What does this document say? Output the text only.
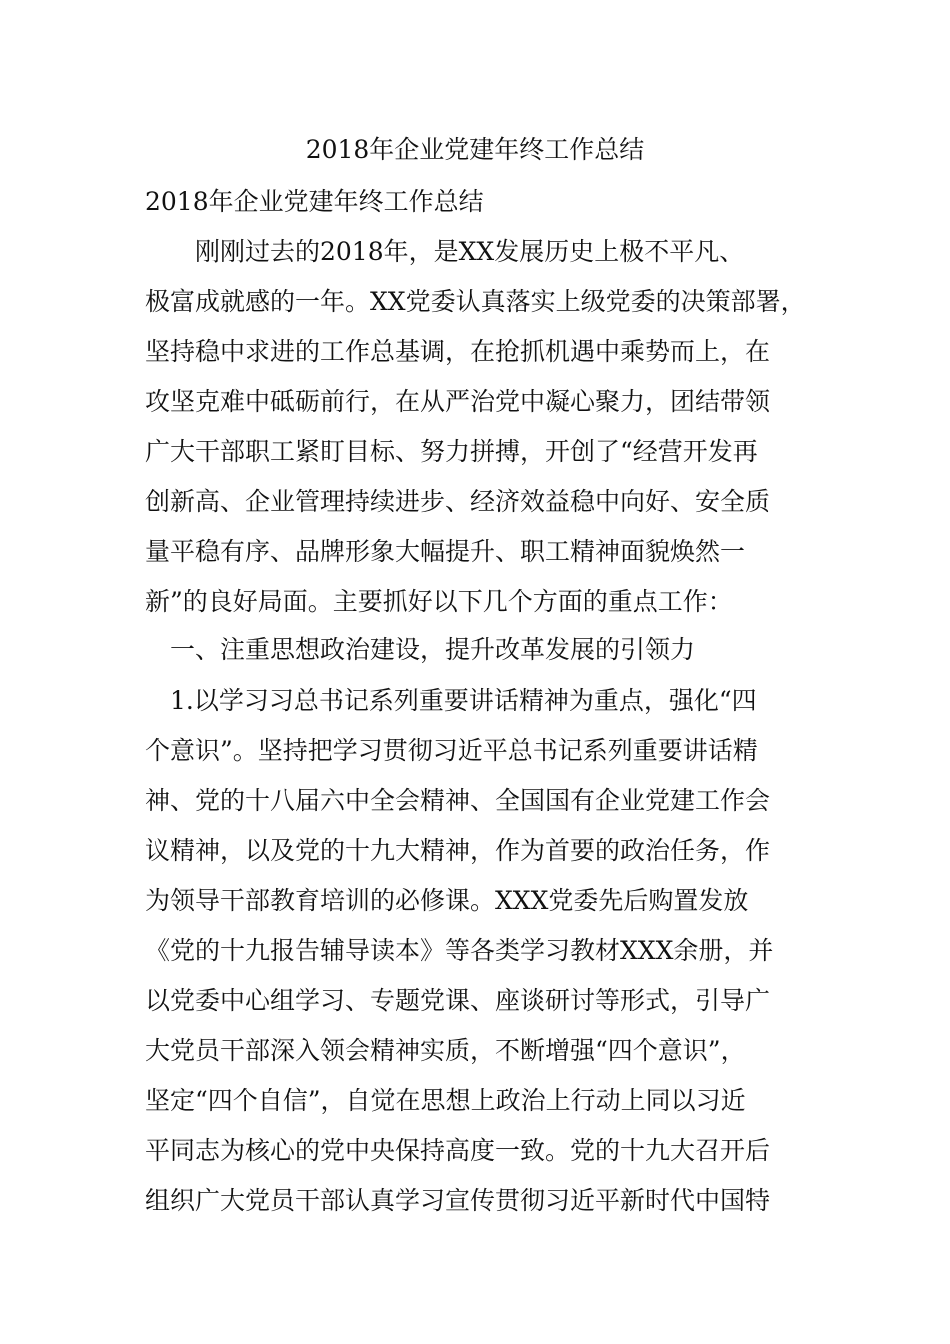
2018年企业党建年终工作总结
2018年企业党建年终工作总结
　　刚刚过去的2018年，是XX发展历史上极不平凡、
极富成就感的一年。XX党委认真落实上级党委的决策部署，
坚持稳中求进的工作总基调，在抢抓机遇中乘势而上，在
攻坚克难中砥砺前行，在从严治党中凝心聚力，团结带领
广大干部职工紧盯目标、努力拼搏，开创了“经营开发再
创新高、企业管理持续进步、经济效益稳中向好、安全质
量平稳有序、品牌形象大幅提升、职工精神面貌焕然一
新”的良好局面。主要抓好以下几个方面的重点工作：
　一、注重思想政治建设，提升改革发展的引领力
　1.以学习习总书记系列重要讲话精神为重点，强化“四
个意识”。坚持把学习贯彻习近平总书记系列重要讲话精
神、党的十八届六中全会精神、全国国有企业党建工作会
议精神，以及党的十九大精神，作为首要的政治任务，作
为领导干部教育培训的必修课。XXX党委先后购置发放
《党的十九报告辅导读本》等各类学习教材XXX余册，并
以党委中心组学习、专题党课、座谈研讨等形式，引导广
大党员干部深入领会精神实质，不断增强“四个意识”，
坚定“四个自信”，自觉在思想上政治上行动上同以习近
平同志为核心的党中央保持高度一致。党的十九大召开后
组织广大党员干部认真学习宣传贯彻习近平新时代中国特
